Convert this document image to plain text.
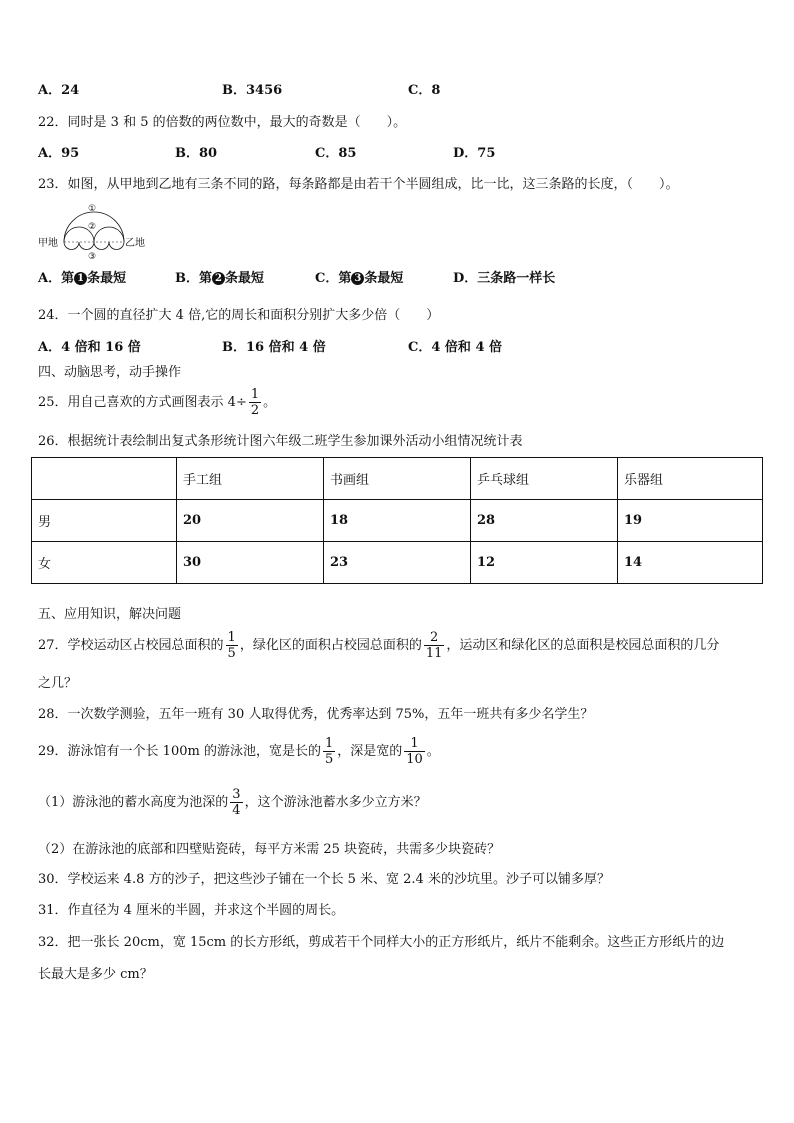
A．24	B．3456	C．8
22．同时是 3 和 5 的倍数的两位数中，最大的奇数是（　　）。
A．95	B．80	C．85	D．75
23．如图，从甲地到乙地有三条不同的路，每条路都是由若干个半圆组成，比一比，这三条路的长度，（　　）。
①
②
③
甲地	乙地
A．第 1 条最短	B．第 2 条最短	C．第 3 条最短	D．三条路一样长
24．一个圆的直径扩大 4 倍,它的周长和面积分别扩大多少倍（　　）
A．4 倍和 16 倍	B．16 倍和 4 倍	C．4 倍和 4 倍
四、动脑思考，动手操作
25．用自己喜欢的方式画图表示 $4\div \frac{1}{2}$ 。
26．根据统计表绘制出复式条形统计图六年级二班学生参加课外活动小组情况统计表
	手工组	书画组	乒乓球组	乐器组
男	20	18	28	19
女	30	23	12	14
五、应用知识，解决问题
27．学校运动区占校园总面积的 $\frac{1}{5}$ ，绿化区的面积占校园总面积的 $\frac{2}{11}$ ，运动区和绿化区的总面积是校园总面积的几分
之几？
28．一次数学测验，五年一班有 30 人取得优秀，优秀率达到 75%，五年一班共有多少名学生？
29．游泳馆有一个长 100m 的游泳池，宽是长的 $\frac{1}{5}$ ，深是宽的 $\frac{1}{10}$ 。
（1）游泳池的蓄水高度为池深的 $\frac{3}{4}$ ，这个游泳池蓄水多少立方米？
（2）在游泳池的底部和四壁贴瓷砖，每平方米需 25 块瓷砖，共需多少块瓷砖？
30．学校运来 4.8 方的沙子，把这些沙子铺在一个长 5 米、宽 2.4 米的沙坑里。沙子可以铺多厚？
31．作直径为 4 厘米的半圆，并求这个半圆的周长。
32．把一张长 20cm，宽 15cm 的长方形纸，剪成若干个同样大小的正方形纸片，纸片不能剩余。这些正方形纸片的边
长最大是多少 cm？
